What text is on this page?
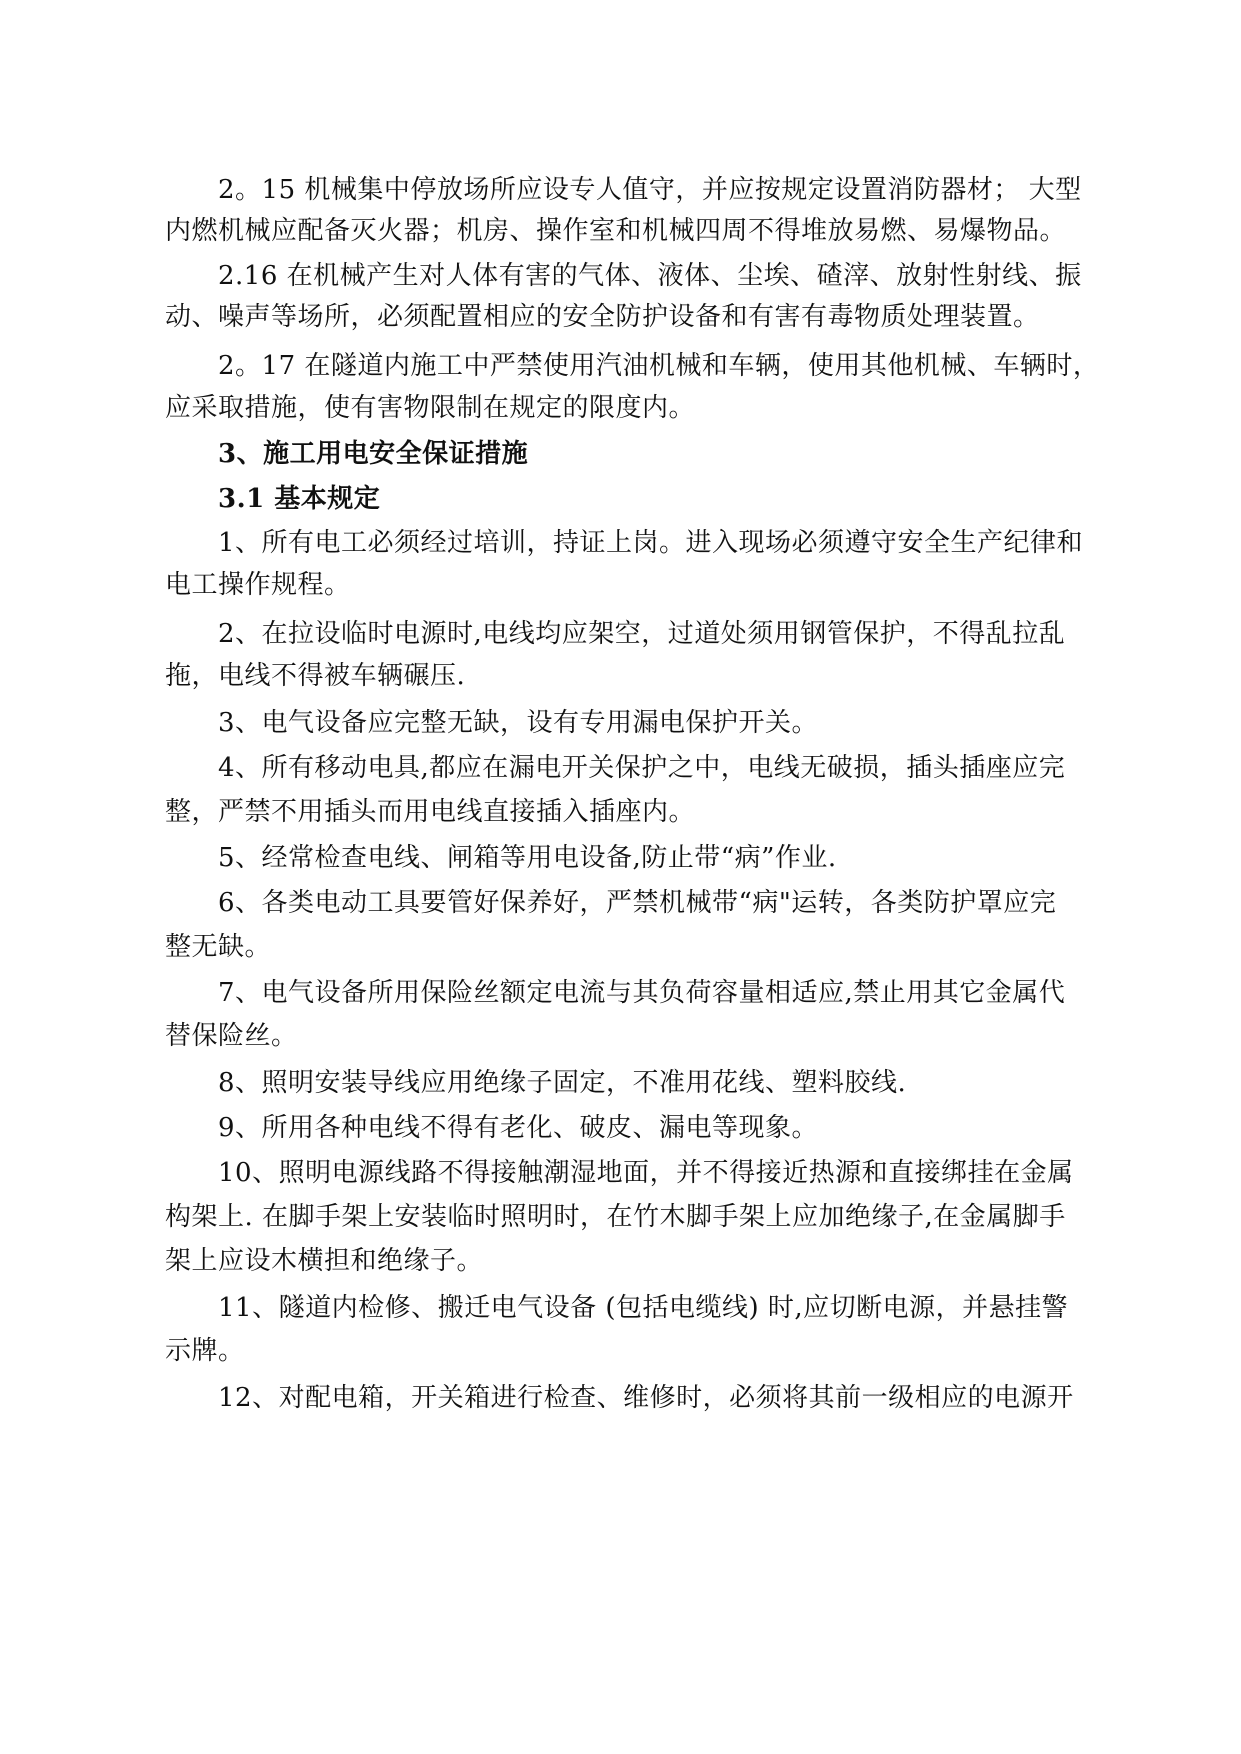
2。15 机械集中停放场所应设专人值守，并应按规定设置消防器材； 大型
内燃机械应配备灭火器；机房、操作室和机械四周不得堆放易燃、易爆物品。
2.16 在机械产生对人体有害的气体、液体、尘埃、碴滓、放射性射线、振
动、噪声等场所，必须配置相应的安全防护设备和有害有毒物质处理装置。
2。17 在隧道内施工中严禁使用汽油机械和车辆，使用其他机械、车辆时，
应采取措施，使有害物限制在规定的限度内。
3、施工用电安全保证措施
3.1 基本规定
1、所有电工必须经过培训，持证上岗。进入现场必须遵守安全生产纪律和
电工操作规程。
2、在拉设临时电源时,电线均应架空，过道处须用钢管保护，不得乱拉乱
拖，电线不得被车辆碾压.
3、电气设备应完整无缺，设有专用漏电保护开关。
4、所有移动电具,都应在漏电开关保护之中，电线无破损，插头插座应完
整，严禁不用插头而用电线直接插入插座内。
5、经常检查电线、闸箱等用电设备,防止带“病”作业.
6、各类电动工具要管好保养好，严禁机械带“病"运转，各类防护罩应完
整无缺。
7、电气设备所用保险丝额定电流与其负荷容量相适应,禁止用其它金属代
替保险丝。
8、照明安装导线应用绝缘子固定，不准用花线、塑料胶线.
9、所用各种电线不得有老化、破皮、漏电等现象。
10、照明电源线路不得接触潮湿地面，并不得接近热源和直接绑挂在金属
构架上. 在脚手架上安装临时照明时，在竹木脚手架上应加绝缘子,在金属脚手
架上应设木横担和绝缘子。
11、隧道内检修、搬迁电气设备 (包括电缆线) 时,应切断电源，并悬挂警
示牌。
12、对配电箱，开关箱进行检查、维修时，必须将其前一级相应的电源开
